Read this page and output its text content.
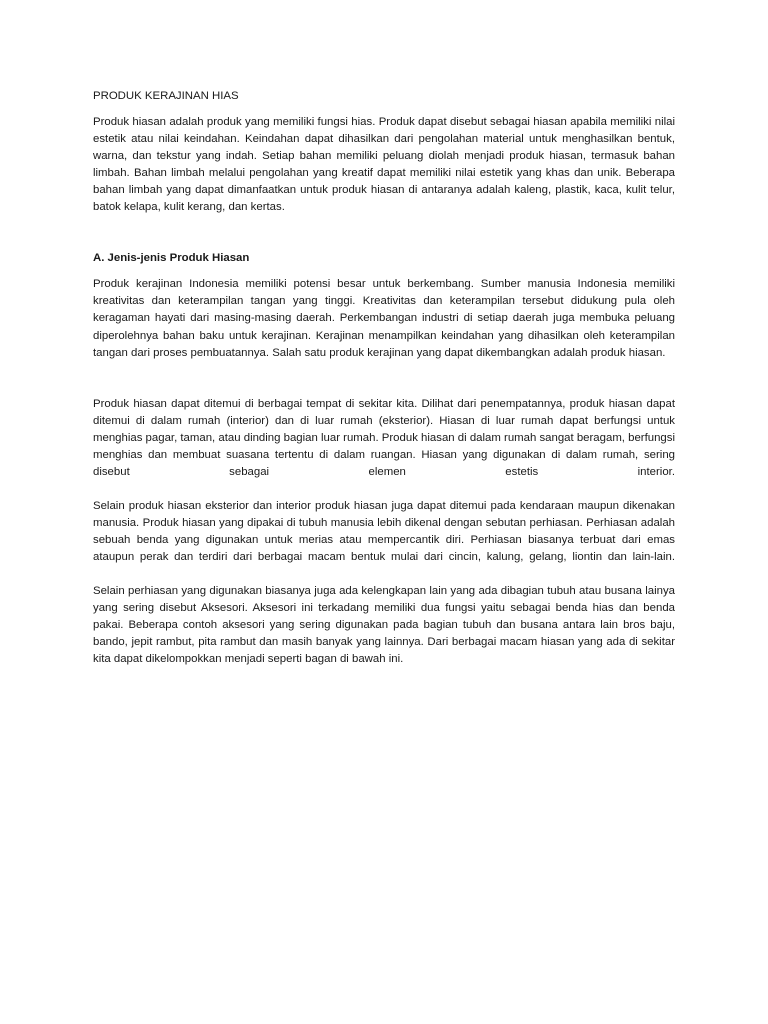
PRODUK KERAJINAN HIAS

Produk hiasan adalah produk yang memiliki fungsi hias. Produk dapat disebut sebagai hiasan apabila memiliki nilai estetik atau nilai keindahan. Keindahan dapat dihasilkan dari pengolahan material untuk menghasilkan bentuk, warna, dan tekstur yang indah. Setiap bahan memiliki peluang diolah menjadi produk hiasan, termasuk bahan limbah. Bahan limbah melalui pengolahan yang kreatif dapat memiliki nilai estetik yang khas dan unik. Beberapa bahan limbah yang dapat dimanfaatkan untuk produk hiasan di antaranya adalah kaleng, plastik, kaca, kulit telur, batok kelapa, kulit kerang, dan kertas.

A. Jenis-jenis Produk Hiasan

Produk kerajinan Indonesia memiliki potensi besar untuk berkembang. Sumber manusia Indonesia memiliki kreativitas dan keterampilan tangan yang tinggi. Kreativitas dan keterampilan tersebut didukung pula oleh keragaman hayati dari masing-masing daerah. Perkembangan industri di setiap daerah juga membuka peluang diperolehnya bahan baku untuk kerajinan. Kerajinan menampilkan keindahan yang dihasilkan oleh keterampilan tangan dari proses pembuatannya. Salah satu produk kerajinan yang dapat dikembangkan adalah produk hiasan.

Produk hiasan dapat ditemui di berbagai tempat di sekitar kita. Dilihat dari penempatannya, produk hiasan dapat ditemui di dalam rumah (interior) dan di luar rumah (eksterior). Hiasan di luar rumah dapat berfungsi untuk menghias pagar, taman, atau dinding bagian luar rumah. Produk hiasan di dalam rumah sangat beragam, berfungsi menghias dan membuat suasana tertentu di dalam ruangan. Hiasan yang digunakan di dalam rumah, sering disebut sebagai elemen estetis interior.

Selain produk hiasan eksterior dan interior produk hiasan juga dapat ditemui pada kendaraan maupun dikenakan manusia. Produk hiasan yang dipakai di tubuh manusia lebih dikenal dengan sebutan perhiasan. Perhiasan adalah sebuah benda yang digunakan untuk merias atau mempercantik diri. Perhiasan biasanya terbuat dari emas ataupun perak dan terdiri dari berbagai macam bentuk mulai dari cincin, kalung, gelang, liontin dan lain-lain.

Selain perhiasan yang digunakan biasanya juga ada kelengkapan lain yang ada dibagian tubuh atau busana lainya yang sering disebut Aksesori. Aksesori ini terkadang memiliki dua fungsi yaitu sebagai benda hias dan benda pakai. Beberapa contoh aksesori yang sering digunakan pada bagian tubuh dan busana antara lain bros baju, bando, jepit rambut, pita rambut dan masih banyak yang lainnya. Dari berbagai macam hiasan yang ada di sekitar kita dapat dikelompokkan menjadi seperti bagan di bawah ini.
